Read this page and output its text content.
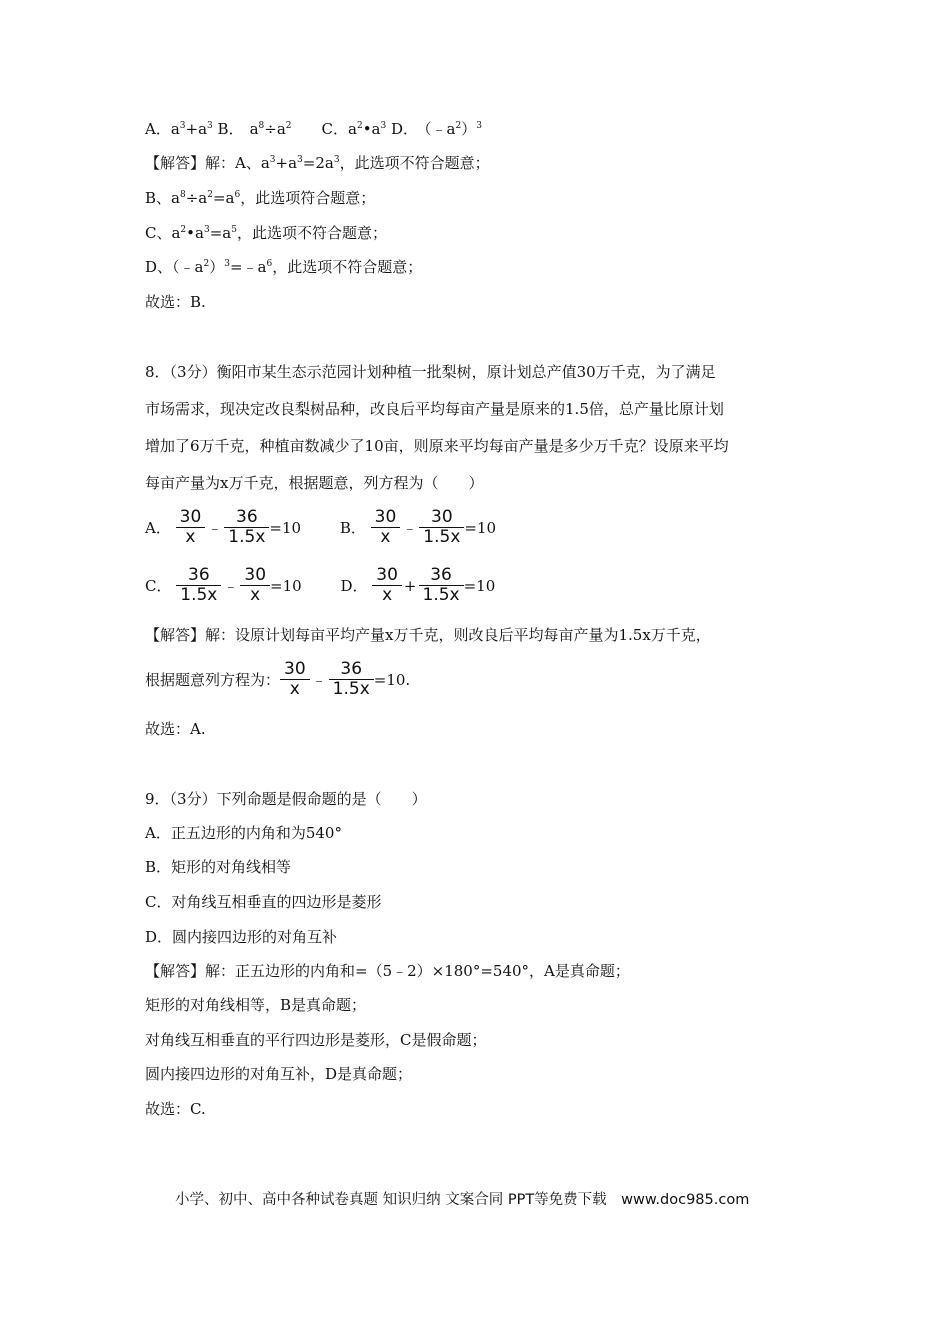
A．$a^3+a^3$ B． $a^8\div a^2$ C．$a^2•a^3$ D． $(﹣a^2)^3$
【解答】解：A、$a^3+a^3=2a^3$，此选项不符合题意；
B、$a^8\div a^2=a^6$，此选项符合题意；
C、$a^2•a^3=a^5$，此选项不符合题意；
D、$(﹣a^2)^3=﹣a^6$，此选项不符合题意；
故选：B.
8．（3分）衡阳市某生态示范园计划种植一批梨树，原计划总产值30万千克，为了满足
市场需求，现决定改良梨树品种，改良后平均每亩产量是原来的1.5倍，总产量比原计划
增加了6万千克，种植亩数减少了10亩，则原来平均每亩产量是多少万千克？设原来平均
每亩产量为x万千克，根据题意，列方程为（　　）
A． $\frac{30}{x}$ ﹣ $\frac{36}{1.5x} =10$	B． $\frac{30}{x}$ ﹣ $\frac{30}{1.5x} =10$
C． $\frac{36}{1.5x}$ ﹣ $\frac{30}{x} =10$	D． $\frac{30}{x} + \frac{36}{1.5x} =10$
【解答】解：设原计划每亩平均产量x万千克，则改良后平均每亩产量为1.5x万千克，
根据题意列方程为： $\frac{30}{x}$ ﹣ $\frac{36}{1.5x} =10$.
故选：A.
9．（3分）下列命题是假命题的是（　　）
A．正五边形的内角和为540°
B．矩形的对角线相等
C．对角线互相垂直的四边形是菱形
D．圆内接四边形的对角互补
【解答】解：正五边形的内角和=（5﹣2）×180°=540°，A是真命题；
矩形的对角线相等，B是真命题；
对角线互相垂直的平行四边形是菱形，C是假命题；
圆内接四边形的对角互补，D是真命题；
故选：C.
小学、初中、高中各种试卷真题 知识归纳 文案合同 PPT等免费下载　www.doc985.com
